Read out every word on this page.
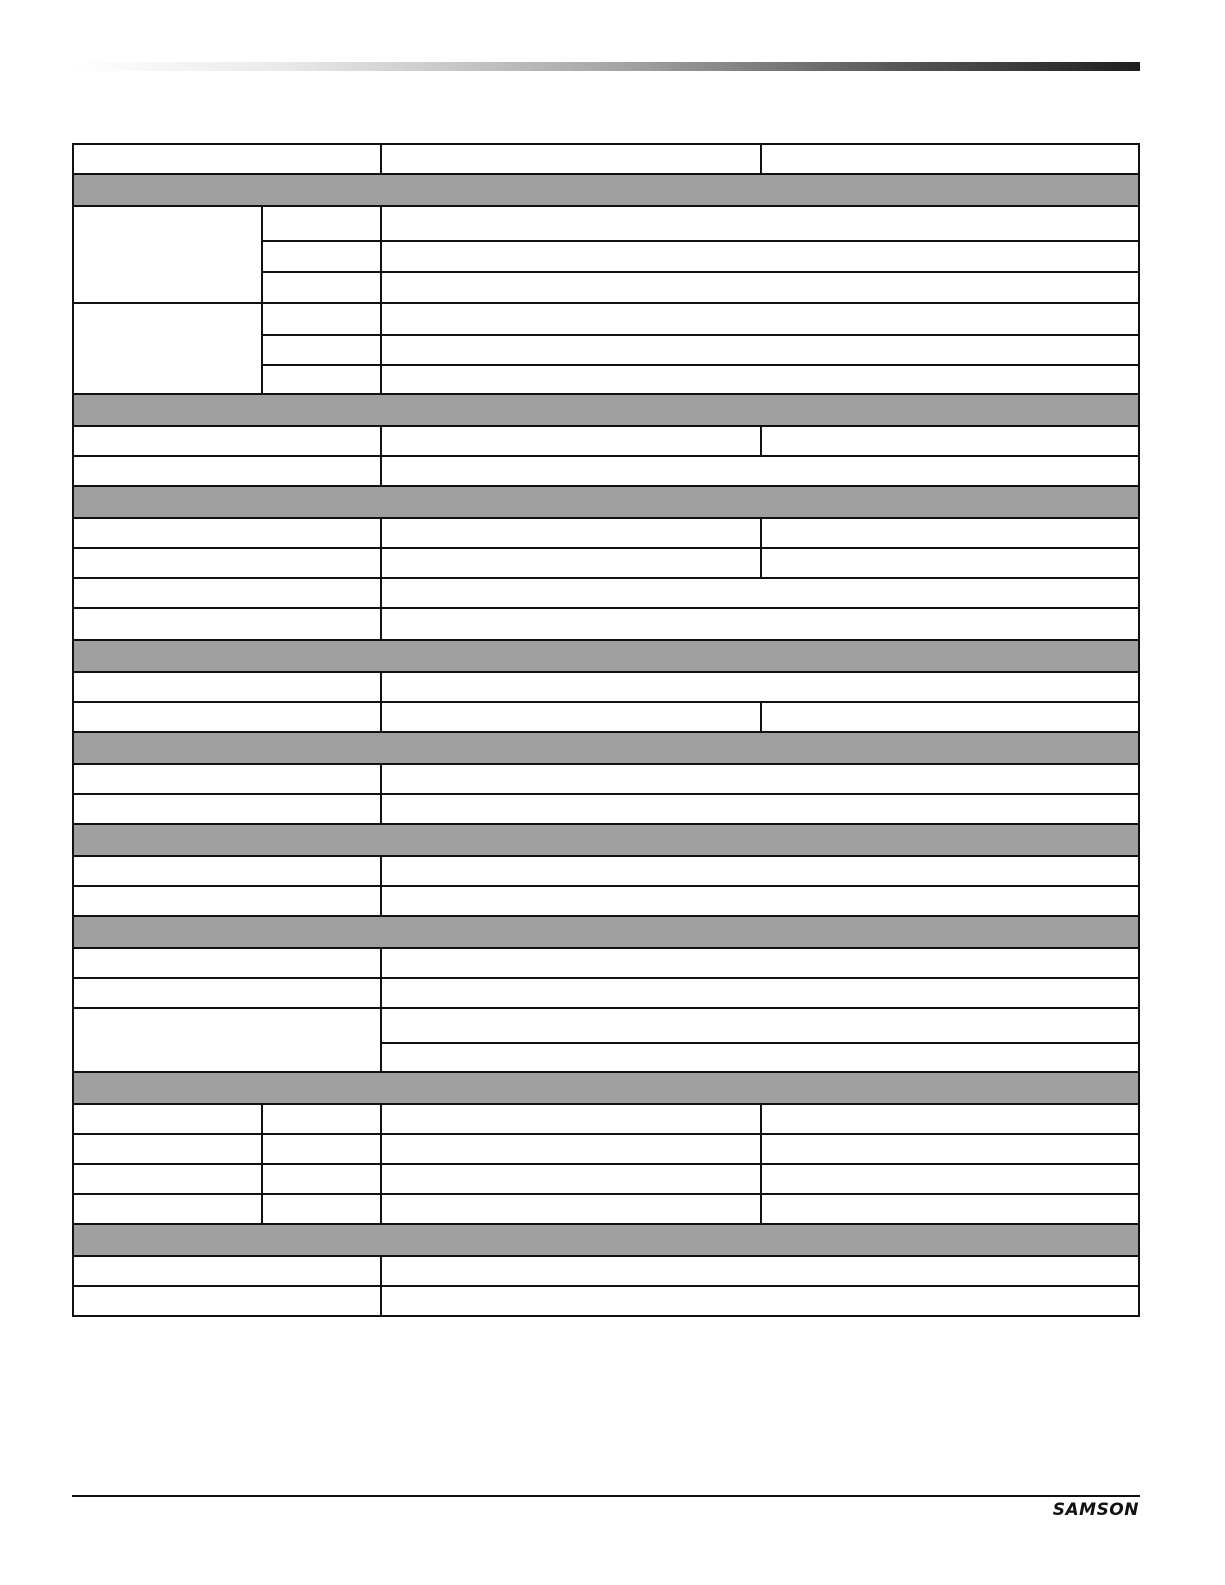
SAMSON
